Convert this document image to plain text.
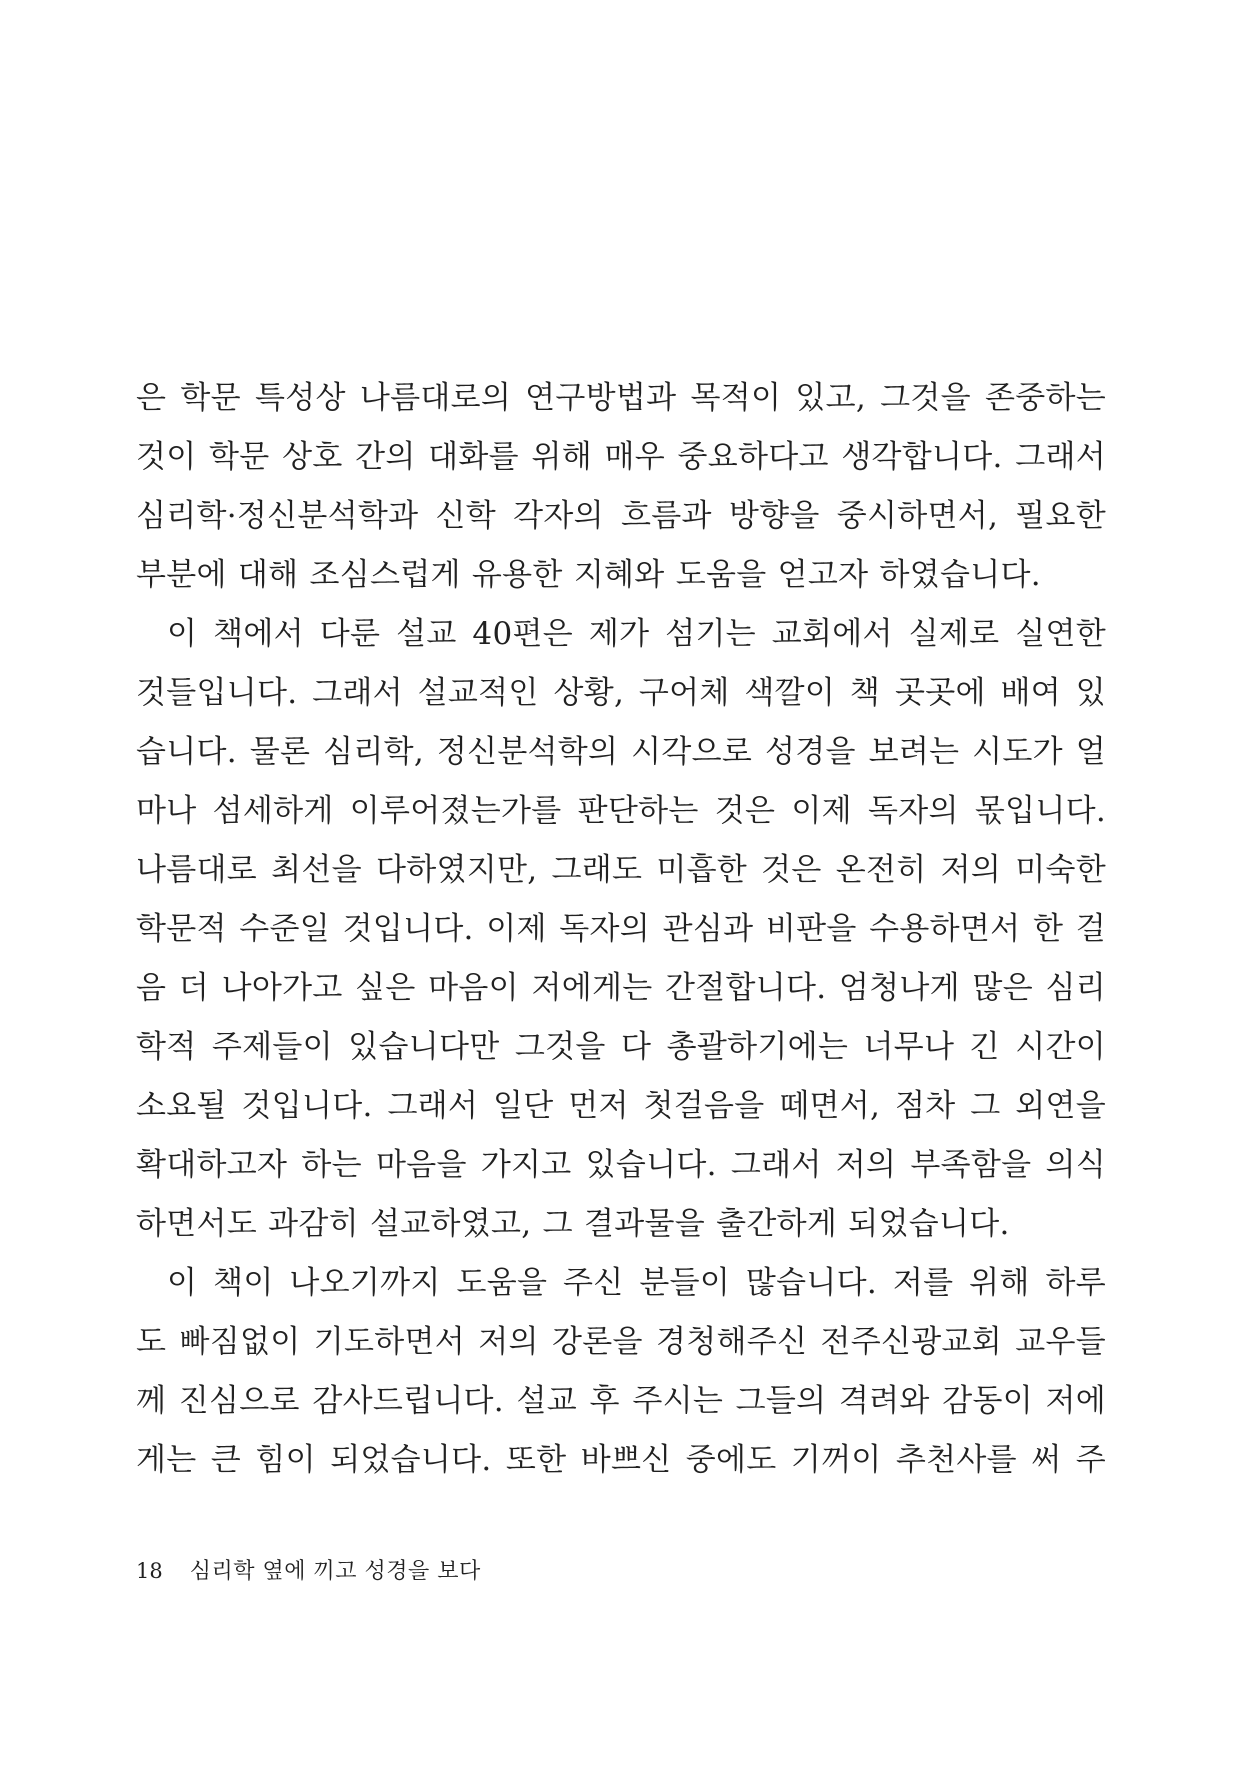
은 학문 특성상 나름대로의 연구방법과 목적이 있고, 그것을 존중하는
것이 학문 상호 간의 대화를 위해 매우 중요하다고 생각합니다. 그래서
심리학·정신분석학과 신학 각자의 흐름과 방향을 중시하면서, 필요한
부분에 대해 조심스럽게 유용한 지혜와 도움을 얻고자 하였습니다.
이 책에서 다룬 설교 40편은 제가 섬기는 교회에서 실제로 실연한
것들입니다. 그래서 설교적인 상황, 구어체 색깔이 책 곳곳에 배여 있
습니다. 물론 심리학, 정신분석학의 시각으로 성경을 보려는 시도가 얼
마나 섬세하게 이루어졌는가를 판단하는 것은 이제 독자의 몫입니다.
나름대로 최선을 다하였지만, 그래도 미흡한 것은 온전히 저의 미숙한
학문적 수준일 것입니다. 이제 독자의 관심과 비판을 수용하면서 한 걸
음 더 나아가고 싶은 마음이 저에게는 간절합니다. 엄청나게 많은 심리
학적 주제들이 있습니다만 그것을 다 총괄하기에는 너무나 긴 시간이
소요될 것입니다. 그래서 일단 먼저 첫걸음을 떼면서, 점차 그 외연을
확대하고자 하는 마음을 가지고 있습니다. 그래서 저의 부족함을 의식
하면서도 과감히 설교하였고, 그 결과물을 출간하게 되었습니다.
이 책이 나오기까지 도움을 주신 분들이 많습니다. 저를 위해 하루
도 빠짐없이 기도하면서 저의 강론을 경청해주신 전주신광교회 교우들
께 진심으로 감사드립니다. 설교 후 주시는 그들의 격려와 감동이 저에
게는 큰 힘이 되었습니다. 또한 바쁘신 중에도 기꺼이 추천사를 써 주
18 심리학 옆에 끼고 성경을 보다
